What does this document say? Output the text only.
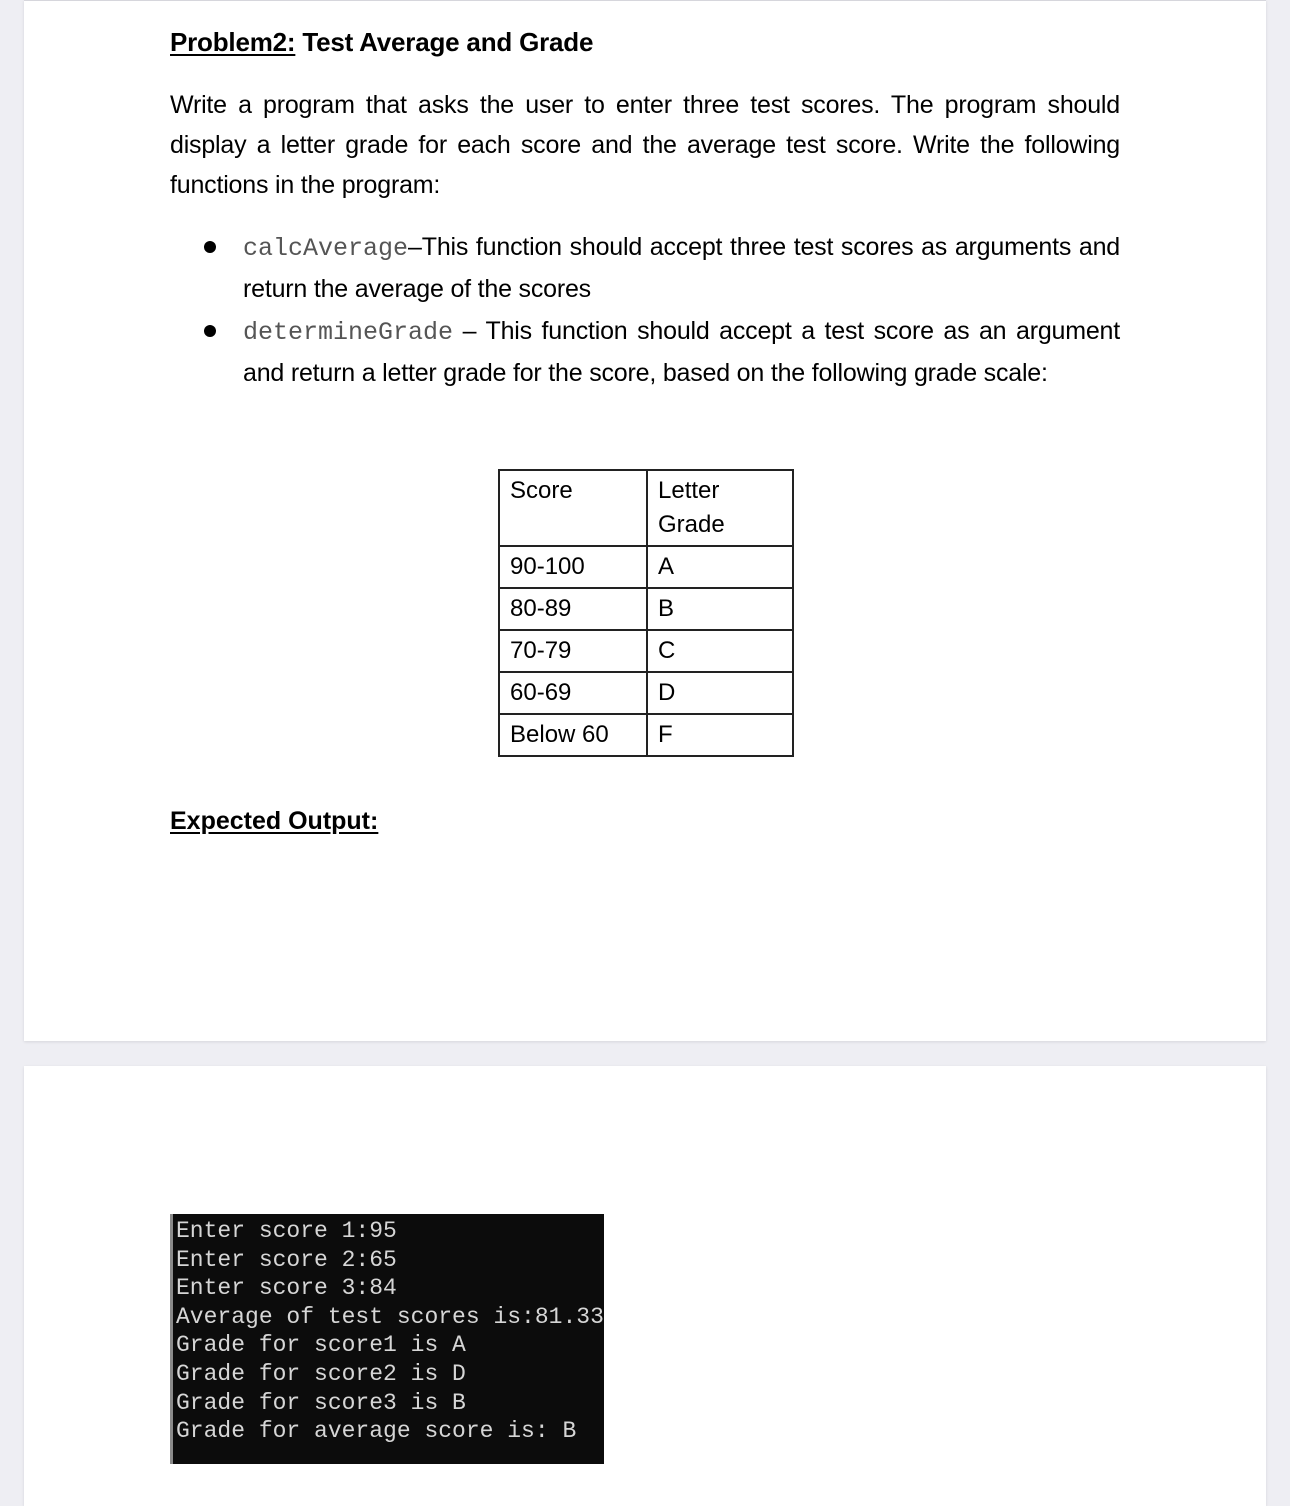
Problem2: Test Average and Grade
Write a program that asks the user to enter three test scores. The program should display a letter grade for each score and the average test score. Write the following functions in the program:
calcAverage–This function should accept three test scores as arguments and return the average of the scores
determineGrade – This function should accept a test score as an argument and return a letter grade for the score, based on the following grade scale:
Score	Letter Grade

90-100	A
80-89	B
70-79	C
60-69	D
Below 60	F
Expected Output:
Enter score 1:95
Enter score 2:65
Enter score 3:84
Average of test scores is:81.33
Grade for score1 is A
Grade for score2 is D
Grade for score3 is B
Grade for average score is: B
